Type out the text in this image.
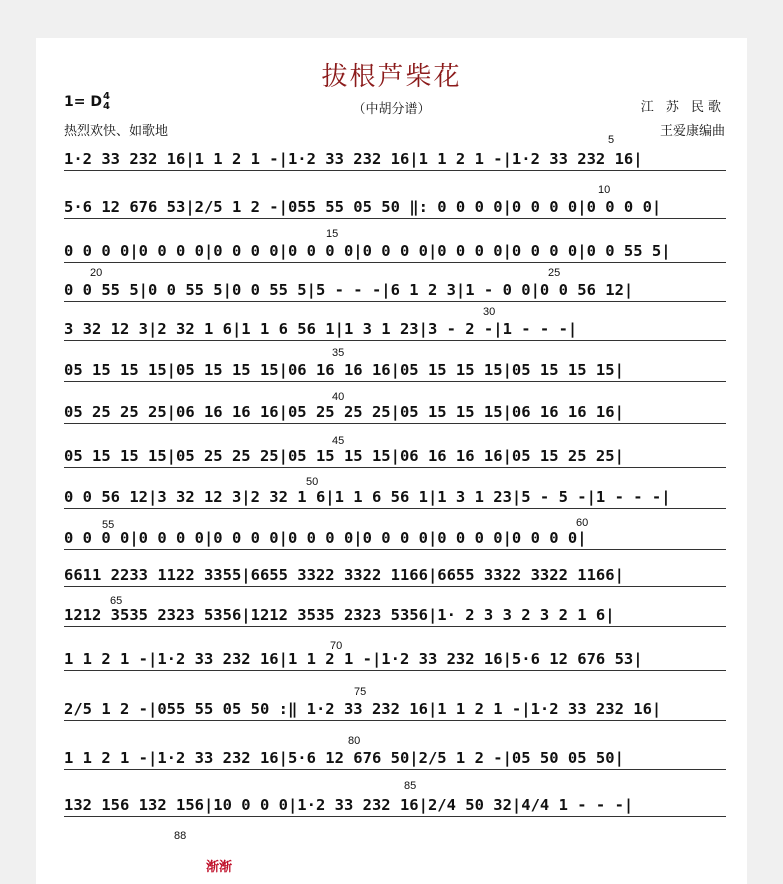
拔根芦柴花
（中胡分谱）
1= D 4
4
热烈欢快、如歌地
江 苏 民歌
王爱康编曲
1·2 33 232 16|1 1 2 1 -|1·2 33 232 16|1 1 2 1 -|1·2 33 232 16|
5·6 12 676 53|2/5 1 2 -|055 55 05 50 ‖: 0 0 0 0|0 0 0 0|0 0 0 0|
0 0 0 0|0 0 0 0|0 0 0 0|0 0 0 0|0 0 0 0|0 0 0 0|0 0 0 0|0 0 55 5|
0 0 55 5|0 0 55 5|0 0 55 5|5 - - -|6 1 2 3|1 - 0 0|0 0 56 12|
3 32 12 3|2 32 1 6|1 1 6 56 1|1 3 1 23|3 - 2 -|1 - - -|
05 15 15 15|05 15 15 15|06 16 16 16|05 15 15 15|05 15 15 15|
05 25 25 25|06 16 16 16|05 25 25 25|05 15 15 15|06 16 16 16|
05 15 15 15|05 25 25 25|05 15 15 15|06 16 16 16|05 15 25 25|
0 0 56 12|3 32 12 3|2 32 1 6|1 1 6 56 1|1 3 1 23|5 - 5 -|1 - - -|
0 0 0 0|0 0 0 0|0 0 0 0|0 0 0 0|0 0 0 0|0 0 0 0|0 0 0 0|
6611 2233 1122 3355|6655 3322 3322 1166|6655 3322 3322 1166|
1212 3535 2323 5356|1212 3535 2323 5356|1· 2 3 3 2 3 2 1 6|
1 1 2 1 -|1·2 33 232 16|1 1 2 1 -|1·2 33 232 16|5·6 12 676 53|
2/5 1 2 -|055 55 05 50 :‖ 1·2 33 232 16|1 1 2 1 -|1·2 33 232 16|
1 1 2 1 -|1·2 33 232 16|5·6 12 676 50|2/5 1 2 -|05 50 05 50|
132 156 132 156|10 0 0 0|1·2 33 232 16|2/4 50 32|4/4 1 - - -|
5
10
15
20	25
30
35
40
45
50
55	60
65
70
75
80
85
88
渐渐
